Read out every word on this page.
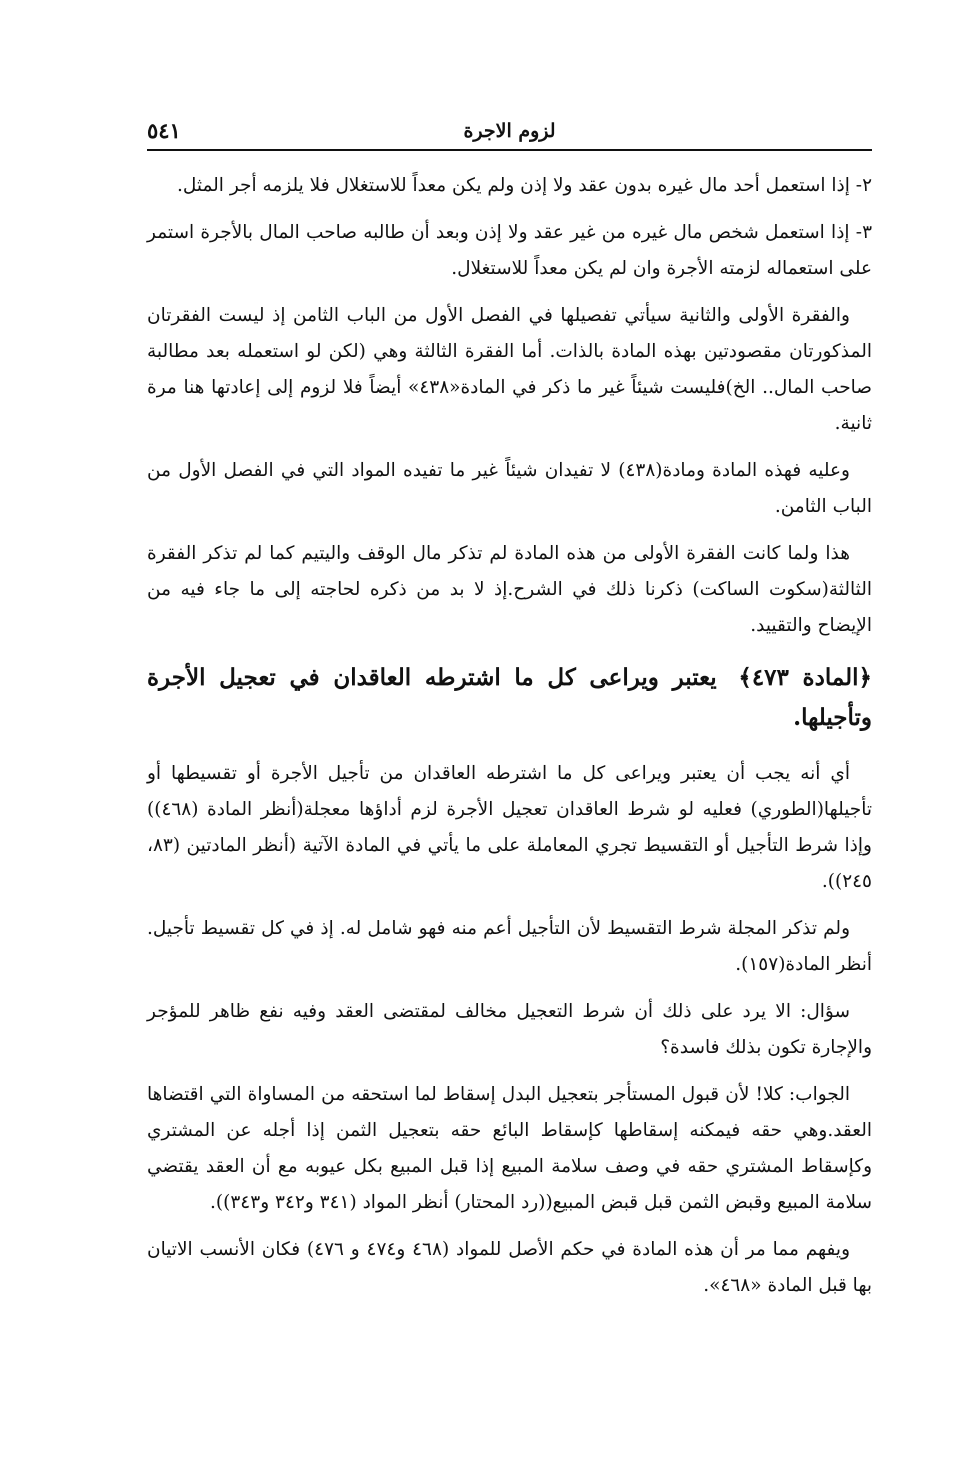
لزوم الاجرة
٥٤١

٢- إذا استعمل أحد مال غيره بدون عقد ولا إذن ولم يكن معداً للاستغلال فلا يلزمه أجر المثل.

٣- إذا استعمل شخص مال غيره من غير عقد ولا إذن وبعد أن طالبه صاحب المال بالأجرة استمر على استعماله لزمته الأجرة وان لم يكن معداً للاستغلال.

والفقرة الأولى والثانية سيأتي تفصيلها في الفصل الأول من الباب الثامن إذ ليست الفقرتان المذكورتان مقصودتين بهذه المادة بالذات. أما الفقرة الثالثة وهي (لكن لو استعمله بعد مطالبة صاحب المال.. الخ)فليست شيئاً غير ما ذكر في المادة«٤٣٨» أيضاً فلا لزوم إلى إعادتها هنا مرة ثانية.

وعليه فهذه المادة ومادة(٤٣٨) لا تفيدان شيئاً غير ما تفيده المواد التي في الفصل الأول من الباب الثامن.

هذا ولما كانت الفقرة الأولى من هذه المادة لم تذكر مال الوقف واليتيم كما لم تذكر الفقرة الثالثة(سكوت الساكت) ذكرنا ذلك في الشرح.إذ لا بد من ذكره لحاجته إلى ما جاء فيه من الإيضاح والتقييد.

﴿المادة ٤٧٣﴾ يعتبر ويراعى كل ما اشترطه العاقدان في تعجيل الأجرة وتأجيلها.

أي أنه يجب أن يعتبر ويراعى كل ما اشترطه العاقدان من تأجيل الأجرة أو تقسيطها أو تأجيلها(الطوري) فعليه لو شرط العاقدان تعجيل الأجرة لزم أداؤها معجلة(أنظر المادة (٤٦٨)) وإذا شرط التأجيل أو التقسيط تجري المعاملة على ما يأتي في المادة الآتية (أنظر المادتين (٨٣، ٢٤٥)).

ولم تذكر المجلة شرط التقسيط لأن التأجيل أعم منه فهو شامل له. إذ في كل تقسيط تأجيل. أنظر المادة(١٥٧).

سؤال: الا يرد على ذلك أن شرط التعجيل مخالف لمقتضى العقد وفيه نفع ظاهر للمؤجر والإجارة تكون بذلك فاسدة؟

الجواب: كلا! لأن قبول المستأجر بتعجيل البدل إسقاط لما استحقه من المساواة التي اقتضاها العقد.وهي حقه فيمكنه إسقاطها كإسقاط البائع حقه بتعجيل الثمن إذا أجله عن المشتري وكإسقاط المشتري حقه في وصف سلامة المبيع إذا قبل المبيع بكل عيوبه مع أن العقد يقتضي سلامة المبيع وقبض الثمن قبل قبض المبيع((رد المحتار) أنظر المواد (٣٤١ و٣٤٢ و٣٤٣)).

ويفهم مما مر أن هذه المادة في حكم الأصل للمواد (٤٦٨ و٤٧٤ و ٤٧٦) فكان الأنسب الاتيان بها قبل المادة «٤٦٨».
